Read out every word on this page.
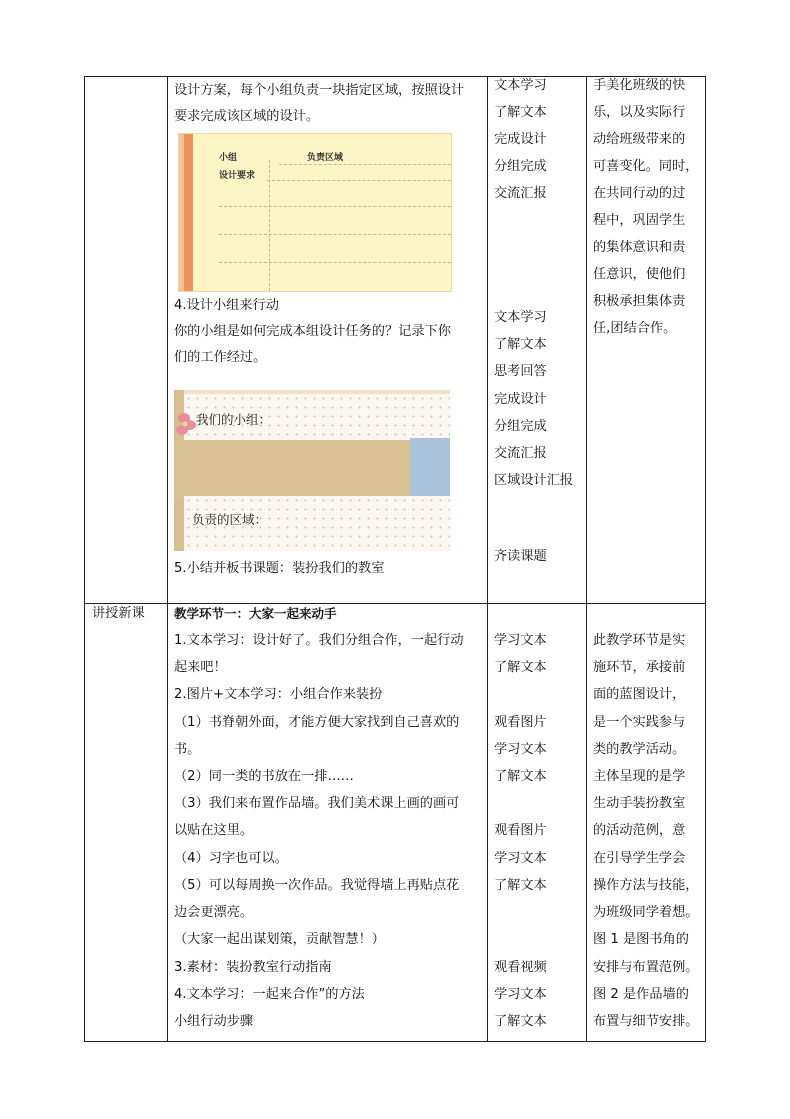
设计方案，每个小组负责一块指定区域，按照设计
要求完成该区域的设计。
小组	负责区域
设计要求
4.设计小组来行动
你的小组是如何完成本组设计任务的？记录下你
们的工作经过。
我们的小组：
负责的区域：
5.小结并板书课题：装扮我们的教室
文本学习
了解文本
完成设计
分组完成
交流汇报
文本学习
了解文本
思考回答
完成设计
分组完成
交流汇报
区域设计汇报
齐读课题
手美化班级的快
乐，以及实际行
动给班级带来的
可喜变化。同时，
在共同行动的过
程中，巩固学生
的集体意识和责
任意识，使他们
积极承担集体责
任,团结合作。
讲授新课 教学环节一：大家一起来动手
1.文本学习：设计好了。我们分组合作，一起行动
起来吧！
2.图片+文本学习：小组合作来装扮
（1）书脊朝外面，才能方便大家找到自己喜欢的
书。
（2）同一类的书放在一排……
（3）我们来布置作品墙。我们美术课上画的画可
以贴在这里。
（4）习字也可以。
（5）可以每周换一次作品。我觉得墙上再贴点花
边会更漂亮。
（大家一起出谋划策，贡献智慧！）
3.素材：装扮教室行动指南
4.文本学习：一起来合作”的方法
小组行动步骤
学习文本
了解文本
观看图片
学习文本
了解文本
观看图片
学习文本
了解文本
观看视频
学习文本
了解文本
此教学环节是实
施环节，承接前
面的蓝图设计，
是一个实践参与
类的教学活动。
主体呈现的是学
生动手装扮教室
的活动范例，意
在引导学生学会
操作方法与技能，
为班级同学着想。
图 1 是图书角的
安排与布置范例。
图 2 是作品墙的
布置与细节安排。
